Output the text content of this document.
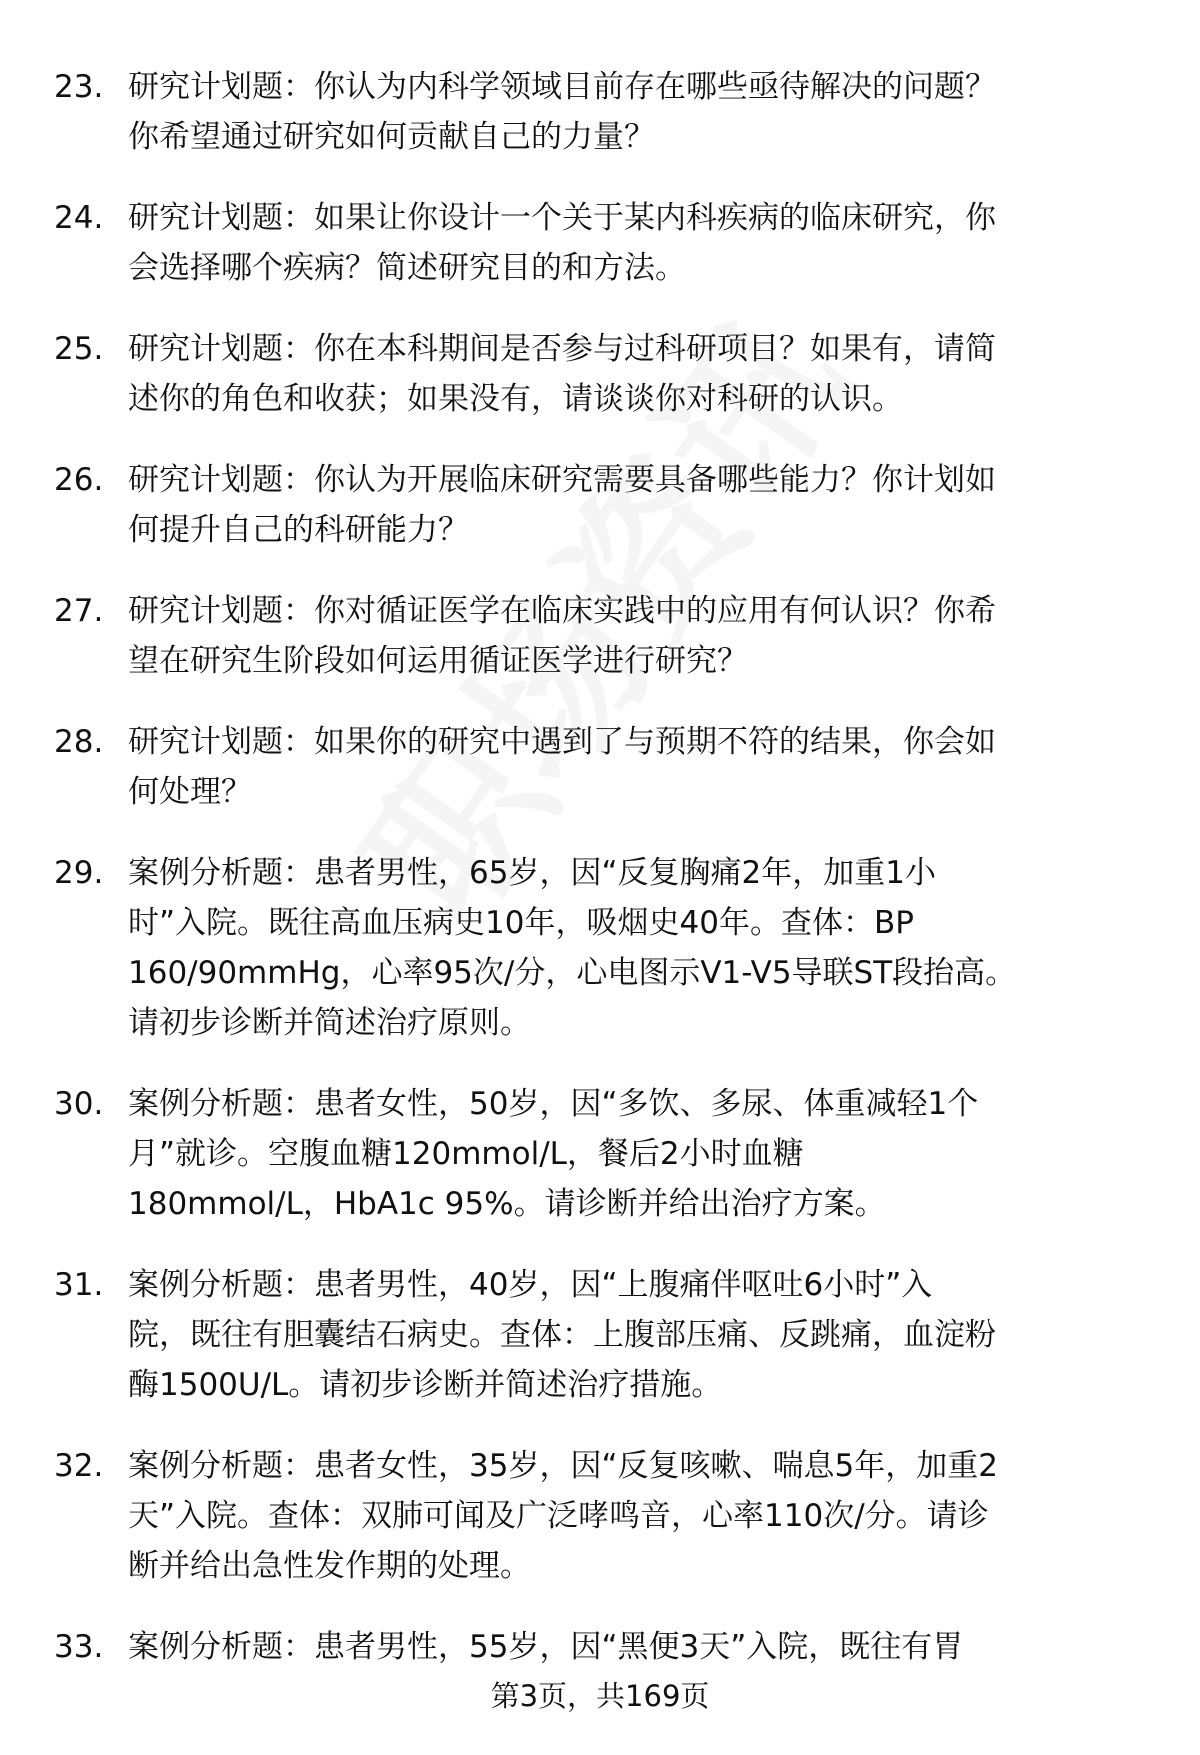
23. 研究计划题：你认为内科学领域目前存在哪些亟待解决的问题？
你希望通过研究如何贡献自己的力量？
24. 研究计划题：如果让你设计一个关于某内科疾病的临床研究，你
会选择哪个疾病？简述研究目的和方法。
25. 研究计划题：你在本科期间是否参与过科研项目？如果有，请简
述你的角色和收获；如果没有，请谈谈你对科研的认识。
26. 研究计划题：你认为开展临床研究需要具备哪些能力？你计划如
何提升自己的科研能力？
27. 研究计划题：你对循证医学在临床实践中的应用有何认识？你希
望在研究生阶段如何运用循证医学进行研究？
28. 研究计划题：如果你的研究中遇到了与预期不符的结果，你会如
何处理？
29. 案例分析题：患者男性，65岁，因“反复胸痛2年，加重1小
时”入院。既往高血压病史10年，吸烟史40年。查体：BP
160/90mmHg，心率95次/分，心电图示V1-V5导联ST段抬高。
请初步诊断并简述治疗原则。
30. 案例分析题：患者女性，50岁，因“多饮、多尿、体重减轻1个
月”就诊。空腹血糖120mmol/L，餐后2小时血糖
180mmol/L，HbA1c 95%。请诊断并给出治疗方案。
31. 案例分析题：患者男性，40岁，因“上腹痛伴呕吐6小时”入
院，既往有胆囊结石病史。查体：上腹部压痛、反跳痛，血淀粉
酶1500U/L。请初步诊断并简述治疗措施。
32. 案例分析题：患者女性，35岁，因“反复咳嗽、喘息5年，加重2
天”入院。查体：双肺可闻及广泛哮鸣音，心率110次/分。请诊
断并给出急性发作期的处理。
33. 案例分析题：患者男性，55岁，因“黑便3天”入院，既往有胃
第3页，共169页
